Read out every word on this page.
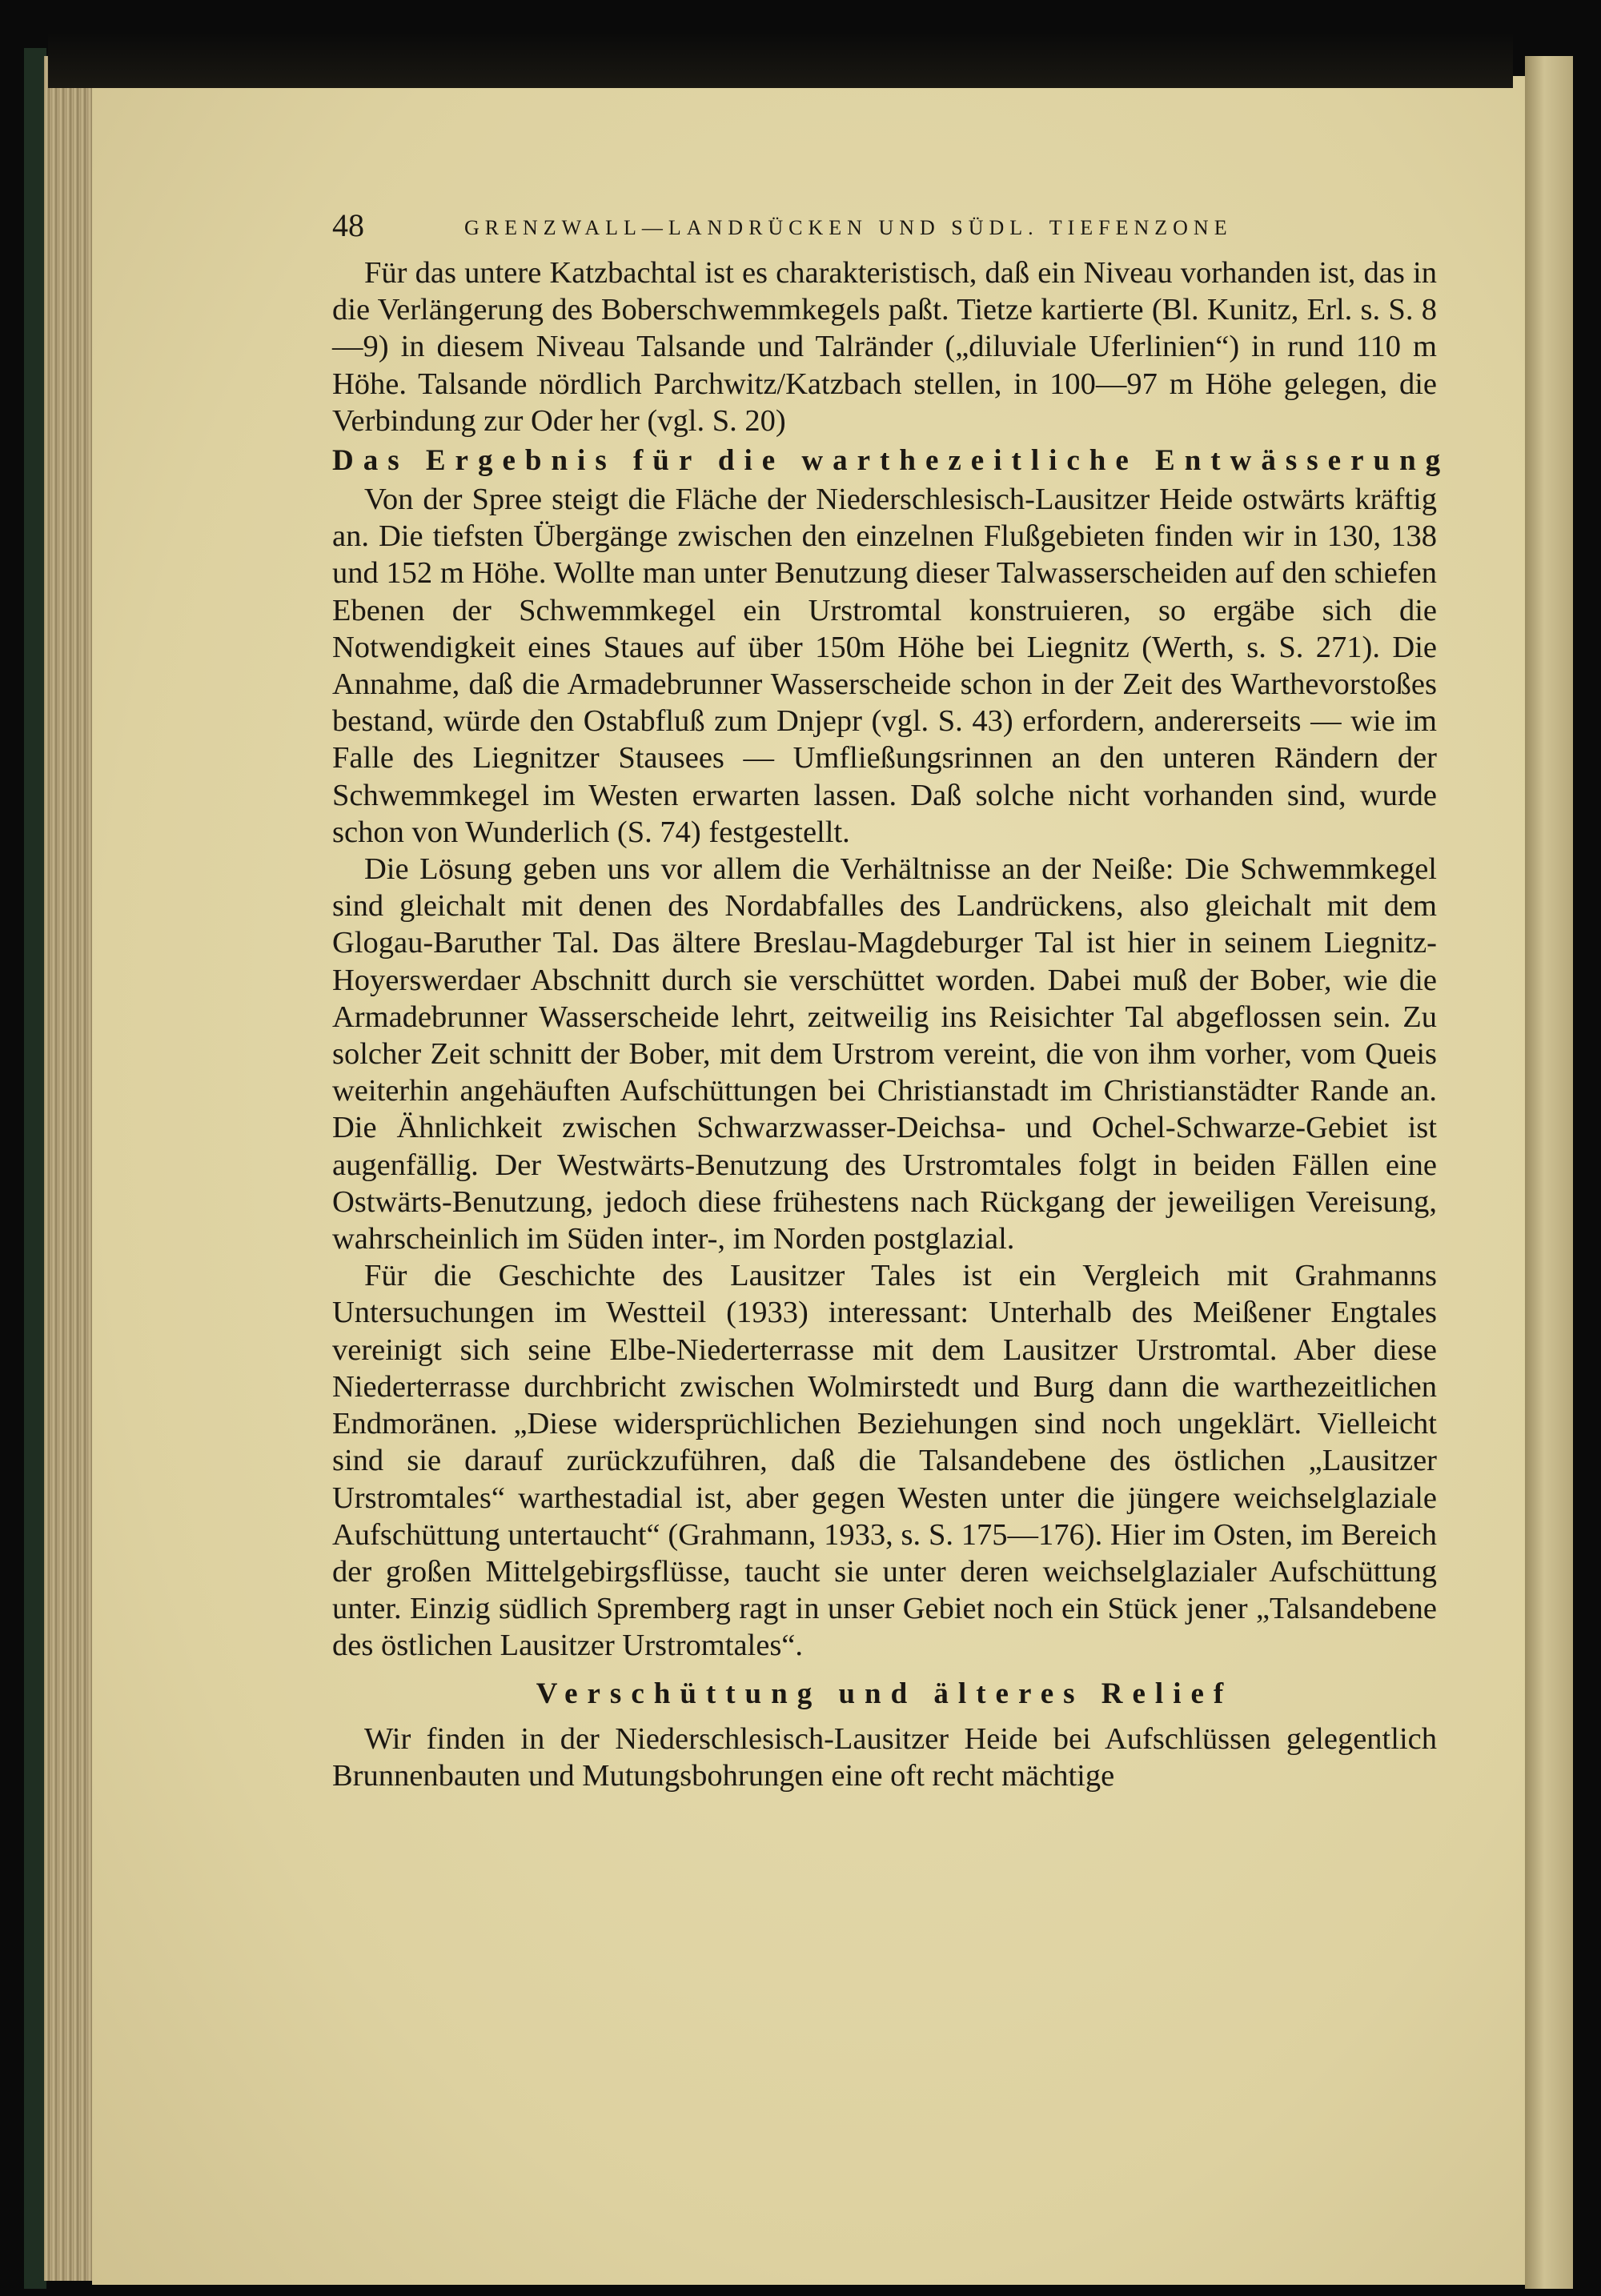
48	GRENZWALL—LANDRÜCKEN UND SÜDL. TIEFENZONE

Für das untere Katzbachtal ist es charakteristisch, daß ein Niveau vorhanden ist, das in die Verlängerung des Boberschwemmkegels paßt. Tietze kartierte (Bl. Kunitz, Erl. s. S. 8—9) in diesem Niveau Talsande und Talränder („diluviale Uferlinien“) in rund 110 m Höhe. Talsande nördlich Parchwitz/Katzbach stellen, in 100—97 m Höhe gelegen, die Verbindung zur Oder her (vgl. S. 20)

Das Ergebnis für die warthezeitliche Entwässerung

Von der Spree steigt die Fläche der Niederschlesisch-Lausitzer Heide ostwärts kräftig an. Die tiefsten Übergänge zwischen den einzelnen Flußgebieten finden wir in 130, 138 und 152 m Höhe. Wollte man unter Benutzung dieser Talwasserscheiden auf den schiefen Ebenen der Schwemmkegel ein Urstromtal konstruieren, so ergäbe sich die Notwendigkeit eines Staues auf über 150m Höhe bei Liegnitz (Werth, s. S. 271). Die Annahme, daß die Armadebrunner Wasserscheide schon in der Zeit des Warthevorstoßes bestand, würde den Ostabfluß zum Dnjepr (vgl. S. 43) erfordern, andererseits — wie im Falle des Liegnitzer Stausees — Umfließungsrinnen an den unteren Rändern der Schwemmkegel im Westen erwarten lassen. Daß solche nicht vorhanden sind, wurde schon von Wunderlich (S. 74) festgestellt.

Die Lösung geben uns vor allem die Verhältnisse an der Neiße: Die Schwemmkegel sind gleichalt mit denen des Nordabfalles des Landrückens, also gleichalt mit dem Glogau-Baruther Tal. Das ältere Breslau-Magdeburger Tal ist hier in seinem Liegnitz-Hoyerswerdaer Abschnitt durch sie verschüttet worden. Dabei muß der Bober, wie die Armadebrunner Wasserscheide lehrt, zeitweilig ins Reisichter Tal abgeflossen sein. Zu solcher Zeit schnitt der Bober, mit dem Urstrom vereint, die von ihm vorher, vom Queis weiterhin angehäuften Aufschüttungen bei Christianstadt im Christianstädter Rande an. Die Ähnlichkeit zwischen Schwarzwasser-Deichsa- und Ochel-Schwarze-Gebiet ist augenfällig. Der Westwärts-Benutzung des Urstromtales folgt in beiden Fällen eine Ostwärts-Benutzung, jedoch diese frühestens nach Rückgang der jeweiligen Vereisung, wahrscheinlich im Süden inter-, im Norden postglazial.

Für die Geschichte des Lausitzer Tales ist ein Vergleich mit Grahmanns Untersuchungen im Westteil (1933) interessant: Unterhalb des Meißener Engtales vereinigt sich seine Elbe-Niederterrasse mit dem Lausitzer Urstromtal. Aber diese Niederterrasse durchbricht zwischen Wolmirstedt und Burg dann die warthezeitlichen Endmoränen. „Diese widersprüchlichen Beziehungen sind noch ungeklärt. Vielleicht sind sie darauf zurückzuführen, daß die Talsandebene des östlichen „Lausitzer Urstromtales“ warthestadial ist, aber gegen Westen unter die jüngere weichselglaziale Aufschüttung untertaucht“ (Grahmann, 1933, s. S. 175—176). Hier im Osten, im Bereich der großen Mittelgebirgsflüsse, taucht sie unter deren weichselglazialer Aufschüttung unter. Einzig südlich Spremberg ragt in unser Gebiet noch ein Stück jener „Talsandebene des östlichen Lausitzer Urstromtales“.

Verschüttung und älteres Relief

Wir finden in der Niederschlesisch-Lausitzer Heide bei Aufschlüssen gelegentlich Brunnenbauten und Mutungsbohrungen eine oft recht mächtige
